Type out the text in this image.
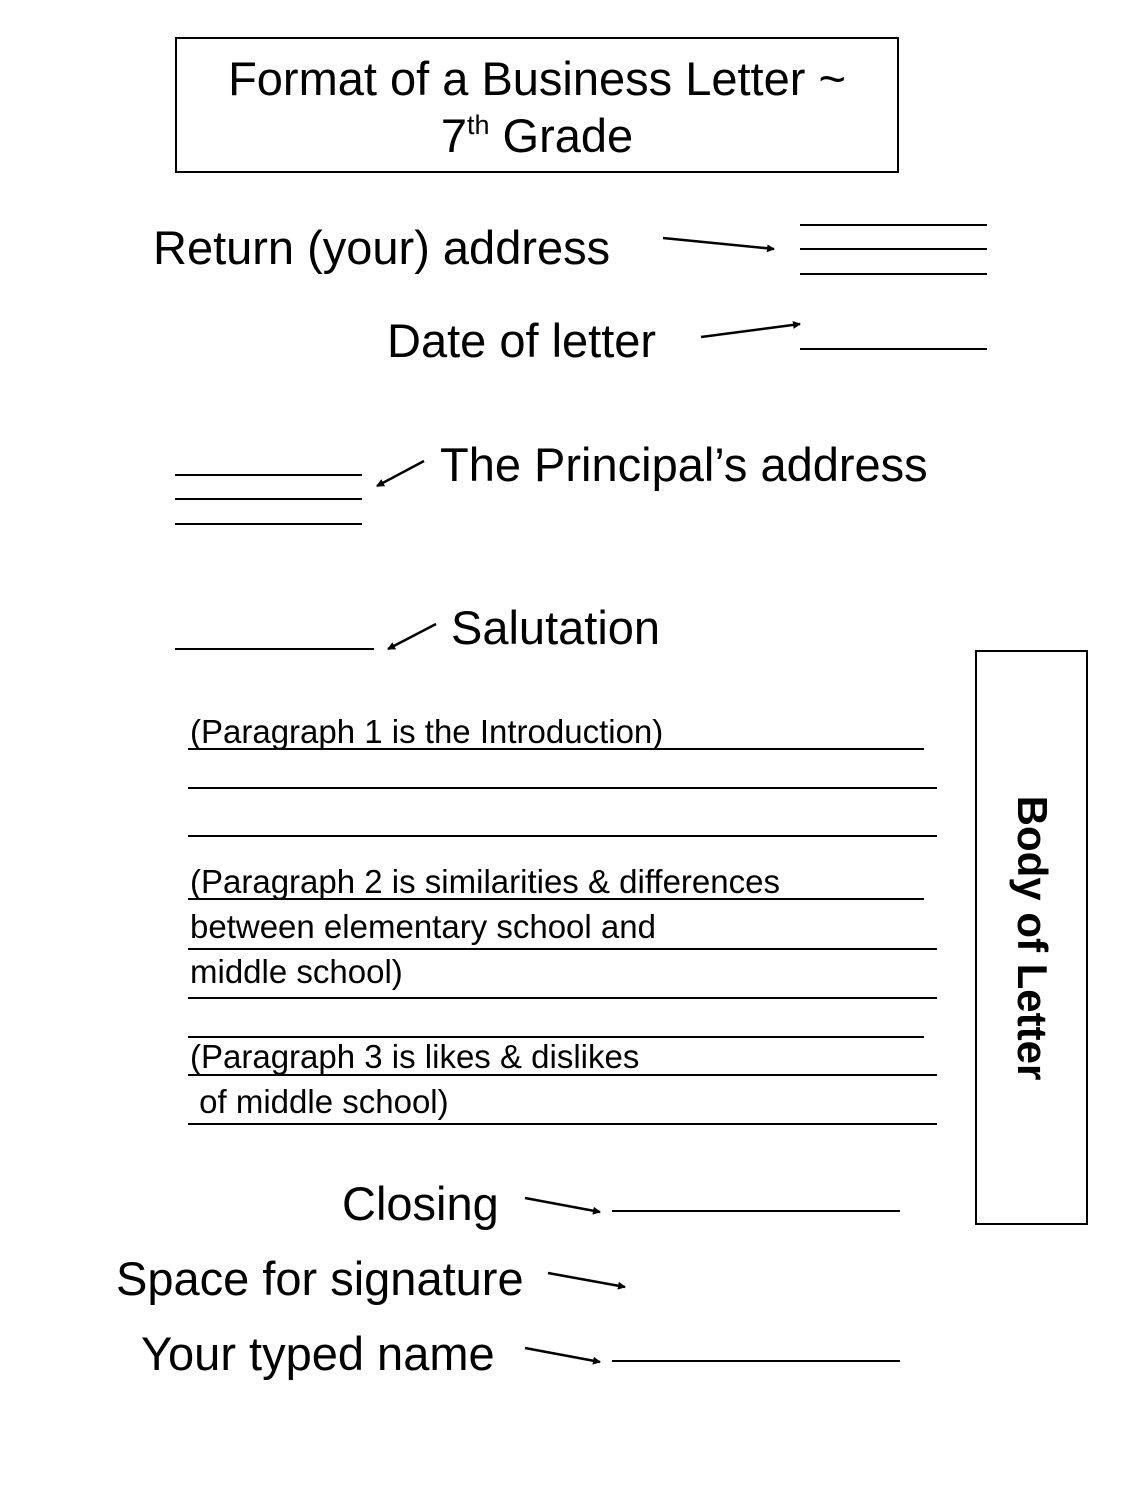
Format of a Business Letter ~
7th Grade
Return (your) address
Date of letter
The Principal’s address
Salutation
(Paragraph 1 is the Introduction)
(Paragraph 2 is similarities & differences
between elementary school and
middle school)
(Paragraph 3 is likes & dislikes
of middle school)
Body of Letter
Closing
Space for signature
Your typed name
